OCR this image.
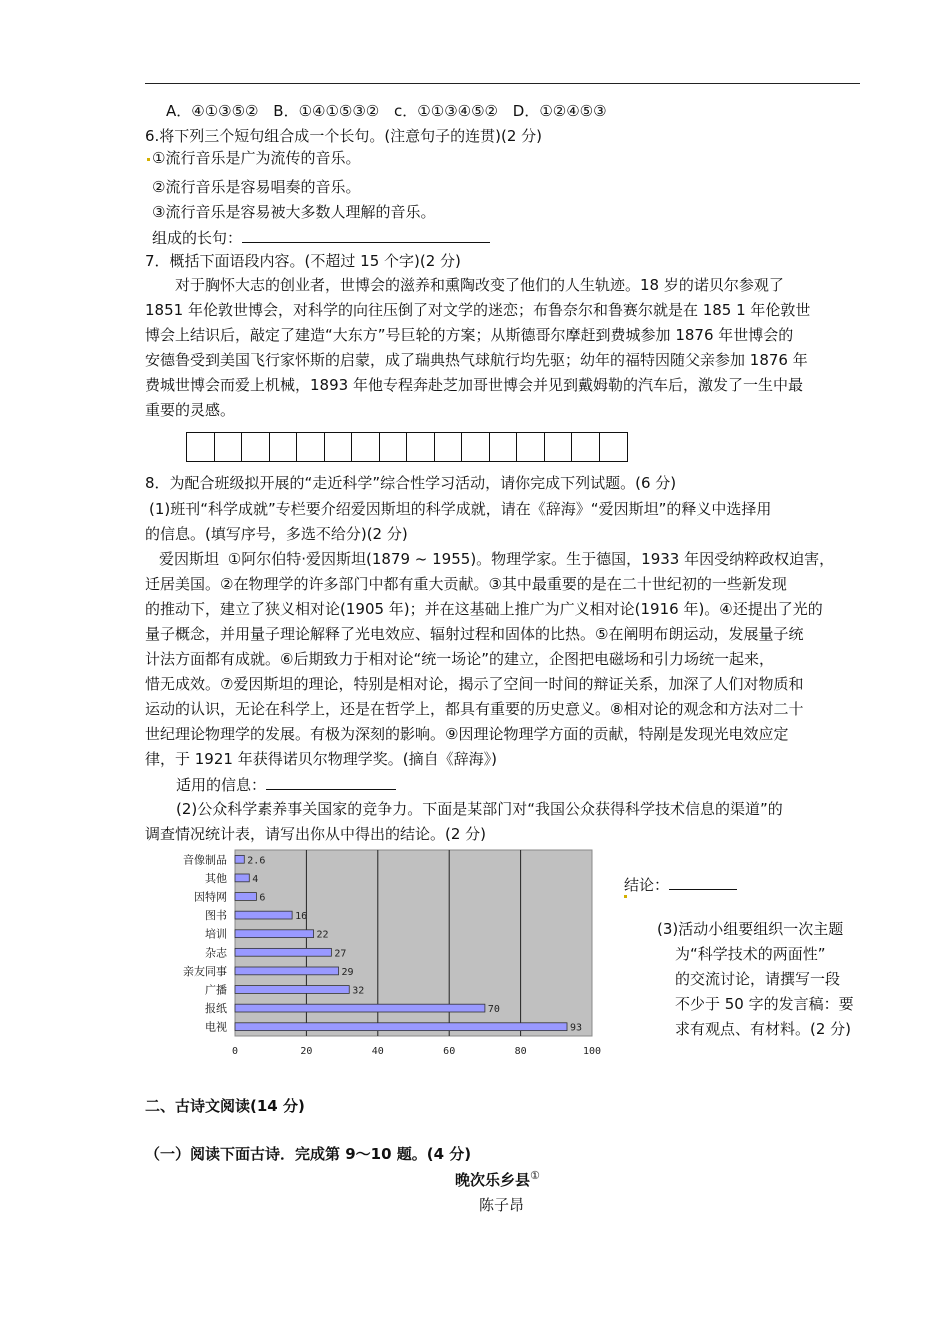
A．④①③⑤② B．①④①⑤③② c．①①③④⑤② D．①②④⑤③
6.将下列三个短句组合成一个长句。(注意句子的连贯)(2 分)
①流行音乐是广为流传的音乐。
②流行音乐是容易唱奏的音乐。
③流行音乐是容易被大多数人理解的音乐。
组成的长句：
7．概括下面语段内容。(不超过 15 个字)(2 分)
对于胸怀大志的创业者，世博会的滋养和熏陶改变了他们的人生轨迹。18 岁的诺贝尔参观了
1851 年伦敦世博会，对科学的向往压倒了对文学的迷恋；布鲁奈尔和鲁赛尔就是在 185 1 年伦敦世
博会上结识后，敲定了建造“大东方”号巨轮的方案；从斯德哥尔摩赶到费城参加 1876 年世博会的
安德鲁受到美国飞行家怀斯的启蒙，成了瑞典热气球航行均先驱；幼年的福特因随父亲参加 1876 年
费城世博会而爱上机械，1893 年他专程奔赴芝加哥世博会并见到戴姆勒的汽车后，激发了一生中最
重要的灵感。
8．为配合班级拟开展的“走近科学”综合性学习活动，请你完成下列试题。(6 分)
(1)班刊“科学成就”专栏要介绍爱因斯坦的科学成就，请在《辞海》“爱因斯坦”的释义中选择用
的信息。(填写序号，多选不给分)(2 分)
爱因斯坦 ①阿尔伯特·爱因斯坦(1879 ~ 1955)。物理学家。生于德国，1933 年因受纳粹政权迫害，
迁居美国。②在物理学的许多部门中都有重大贡献。③其中最重要的是在二十世纪初的一些新发现
的推动下，建立了狭义相对论(1905 年)；并在这基础上推广为广义相对论(1916 年)。④还提出了光的
量子概念，并用量子理论解释了光电效应、辐射过程和固体的比热。⑤在阐明布朗运动，发展量子统
计法方面都有成就。⑥后期致力于相对论“统一场论”的建立，企图把电磁场和引力场统一起来，
惜无成效。⑦爱因斯坦的理论，特别是相对论，揭示了空间一时间的辩证关系，加深了人们对物质和
运动的认识，无论在科学上，还是在哲学上，都具有重要的历史意义。⑧相对论的观念和方法对二十
世纪理论物理学的发展。有极为深刻的影响。⑨因理论物理学方面的贡献，特剐是发现光电效应定
律，于 1921 年获得诺贝尔物理学奖。(摘自《辞海》)
适用的信息：
(2)公众科学素养事关国家的竞争力。下面是某部门对“我国公众获得科学技术信息的渠道”的
调查情况统计表，请写出你从中得出的结论。(2 分)
0	20	40	60	80	100
音像制品 2.6
其他	4
因特网	6
图书	16
培训	22
杂志	27
亲友同事	29
广播	32
报纸	70
电视	93
结论：
(3)活动小组要组织一次主题
为“科学技术的两面性”
的交流讨论，请撰写一段
不少于 50 字的发言稿：要
求有观点、有材料。(2 分)
二、古诗文阅读(14 分)
（一）阅读下面古诗．完成第 9～10 题。(4 分)
晚次乐乡县①
陈子昂
